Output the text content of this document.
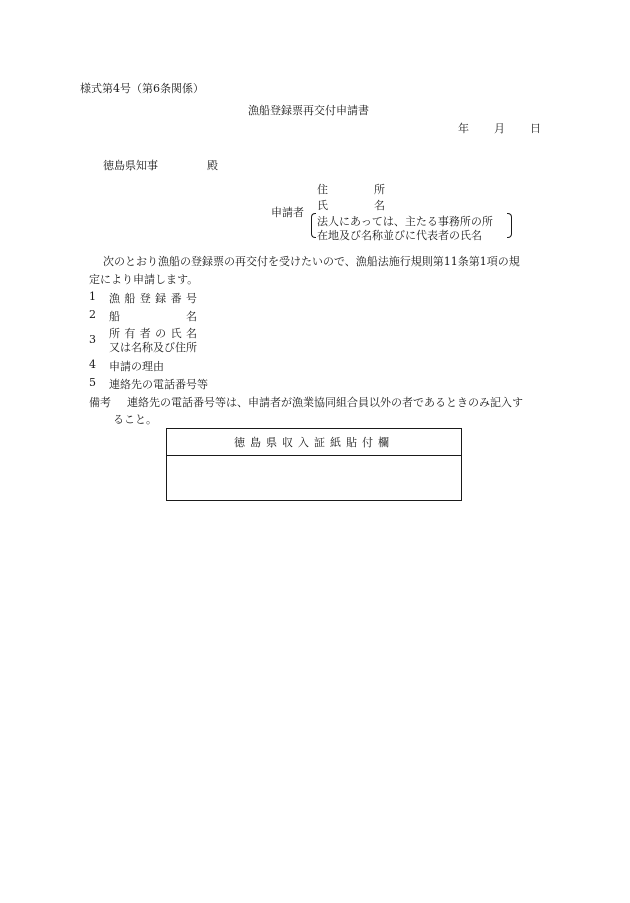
様式第4号（第6条関係）
漁船登録票再交付申請書
年 月 日
徳島県知事	殿
申請者
住	所
氏	名
法人にあっては、主たる事務所の所
在地及び名称並びに代表者の氏名
次のとおり漁船の登録票の再交付を受けたいので、漁船法施行規則第11条第1項の規
定により申請します。
1 漁 船 登 録 番 号
2 船	名
3 所 有 者 の 氏 名
又は名称及び住所
4 申請の理由
5 連絡先の電話番号等
備考 連絡先の電話番号等は、申請者が漁業協同組合員以外の者であるときのみ記入す
ること。
徳島県収入証紙貼付欄
